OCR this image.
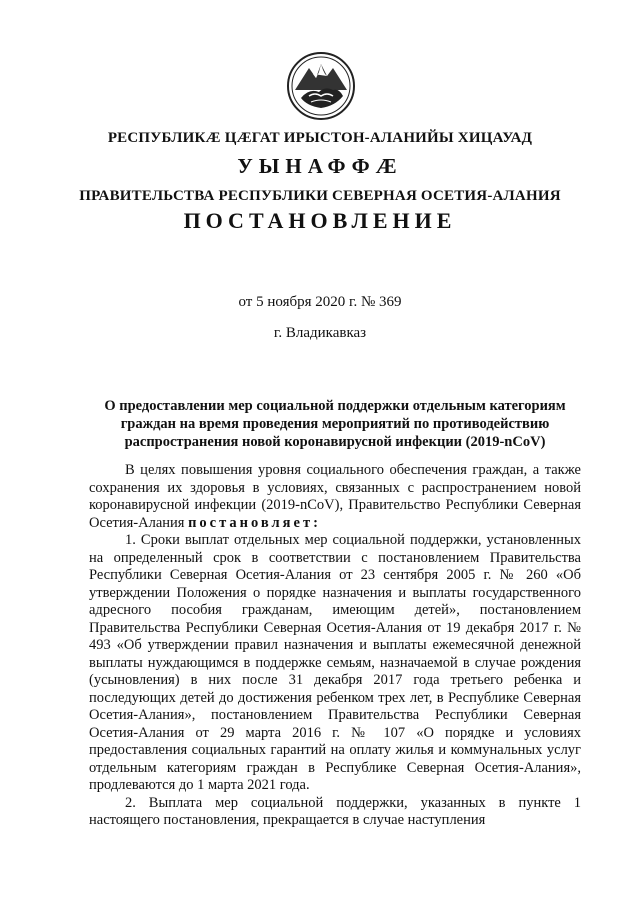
РЕСПУБЛИКӔ ЦӔГАТ ИРЫСТОН-АЛАНИЙЫ ХИЦАУАД
УЫНАФФӔ
ПРАВИТЕЛЬСТВА РЕСПУБЛИКИ СЕВЕРНАЯ ОСЕТИЯ-АЛАНИЯ
ПОСТАНОВЛЕНИЕ
от 5 ноября 2020 г. № 369
г. Владикавказ

О предоставлении мер социальной поддержки отдельным категориям граждан на время проведения мероприятий по противодействию распространения новой коронавирусной инфекции (2019-nCoV)

В целях повышения уровня социального обеспечения граждан, а также сохранения их здоровья в условиях, связанных с распространением новой коронавирусной инфекции (2019-nCoV), Правительство Республики Северная Осетия-Алания постановляет:

1. Сроки выплат отдельных мер социальной поддержки, установленных на определенный срок в соответствии с постановлением Правительства Республики Северная Осетия-Алания от 23 сентября 2005 г. № 260 «Об утверждении Положения о порядке назначения и выплаты государственного адресного пособия гражданам, имеющим детей», постановлением Правительства Республики Северная Осетия-Алания от 19 декабря 2017 г. № 493 «Об утверждении правил назначения и выплаты ежемесячной денежной выплаты нуждающимся в поддержке семьям, назначаемой в случае рождения (усыновления) в них после 31 декабря 2017 года третьего ребенка и последующих детей до достижения ребенком трех лет, в Республике Северная Осетия-Алания», постановлением Правительства Республики Северная Осетия-Алания от 29 марта 2016 г. № 107 «О порядке и условиях предоставления социальных гарантий на оплату жилья и коммунальных услуг отдельным категориям граждан в Республике Северная Осетия-Алания», продлеваются до 1 марта 2021 года.

2. Выплата мер социальной поддержки, указанных в пункте 1 настоящего постановления, прекращается в случае наступления
